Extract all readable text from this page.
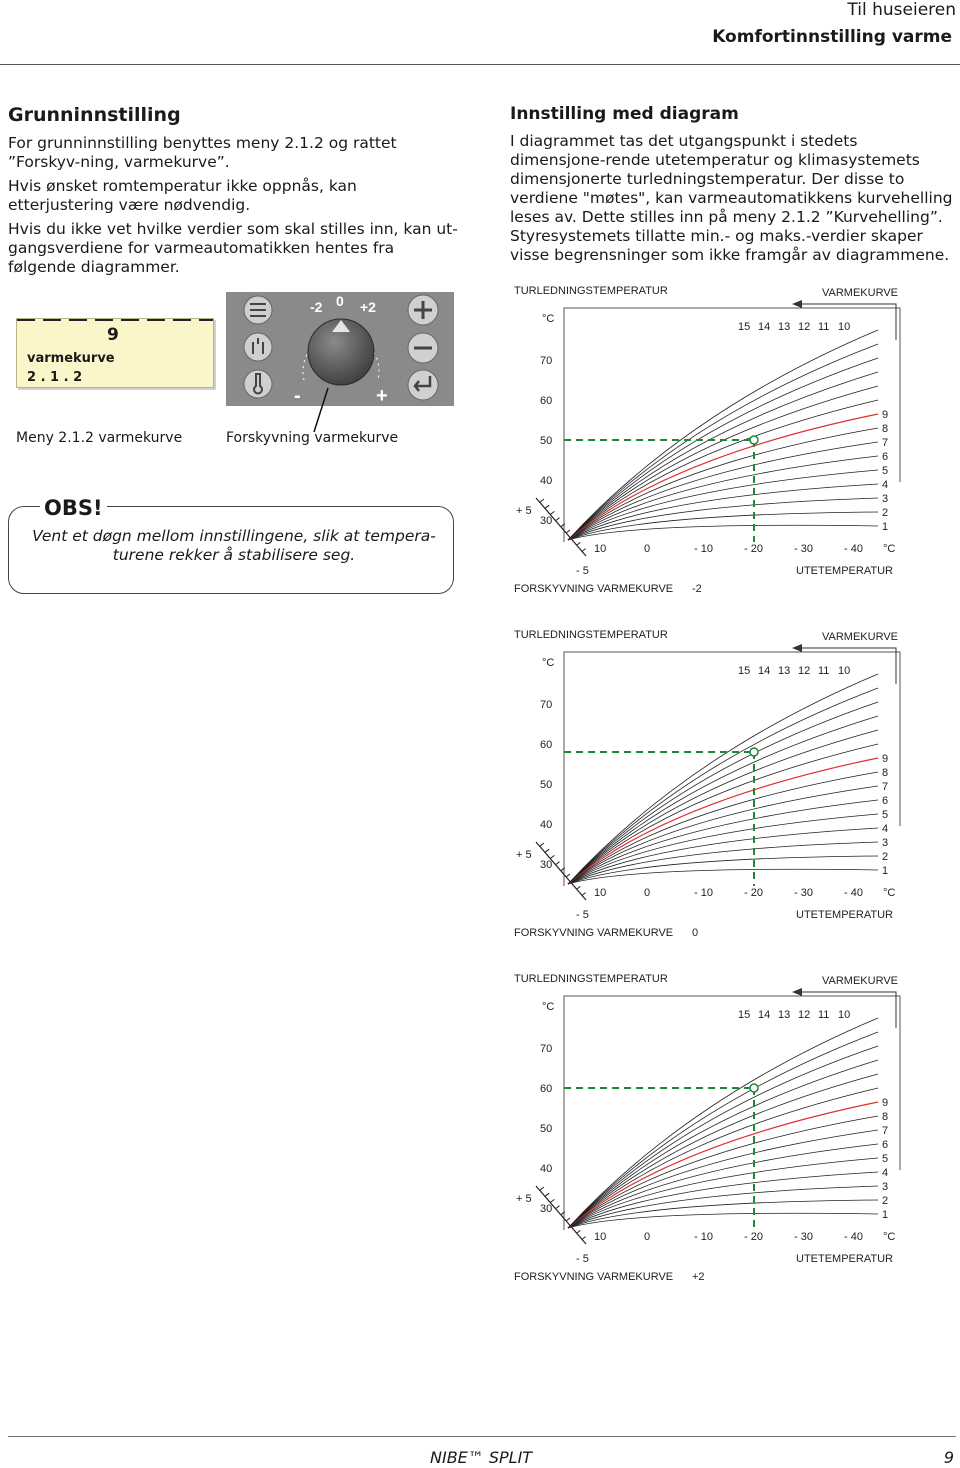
Til huseieren
Komfortinnstilling varme
Grunninnstilling

For grunninnstilling benyttes meny 2.1.2 og rattet ”Forskyv-ning, varmekurve”.

Hvis ønsket romtemperatur ikke oppnås, kan etterjustering være nødvendig.

Hvis du ikke vet hvilke verdier som skal stilles inn, kan ut-gangsverdiene for varmeautomatikken hentes fra følgende diagrammer.

9
varmekurve
2 . 1 . 2
-2 0 +2
-	+
Meny 2.1.2 varmekurve	Forskyvning varmekurve
OBS!
Vent et døgn mellom innstillingene, slik at tempera-turene rekker å stabilisere seg.
Innstilling med diagram

I diagrammet tas det utgangspunkt i stedets dimensjone-rende utetemperatur og klimasystemets dimensjonerte turledningstemperatur. Der disse to verdiene "møtes", kan varmeautomatikkens kurvehelling leses av. Dette stilles inn på meny 2.1.2 ”Kurvehelling”. Styresystemets tillatte min.- og maks.-verdier skaper visse begrensninger som ikke framgår av diagrammene.

TURLEDNINGSTEMPERATUR	VARMEKURVE
°C
70
60
50
40
30
+ 5
10	0	- 10	- 20	- 30	- 40 °C
- 5	UTETEMPERATUR
FORSKYVNING VARMEKURVE -2
1
2
3
4
5
6
7
8
9
15 14 13 12 11 10
TURLEDNINGSTEMPERATUR	VARMEKURVE
°C
70
60
50
40
30
+ 5
10	0	- 10	- 20	- 30	- 40 °C
- 5	UTETEMPERATUR
FORSKYVNING VARMEKURVE 0
1
2
3
4
5
6
7
8
9
15 14 13 12 11 10
TURLEDNINGSTEMPERATUR	VARMEKURVE
°C
70
60
50
40
30
+ 5
10	0	- 10	- 20	- 30	- 40 °C
- 5	UTETEMPERATUR
FORSKYVNING VARMEKURVE +2
1
2
3
4
5
6
7
8
9
15 14 13 12 11 10
NIBE™ SPLIT	9
